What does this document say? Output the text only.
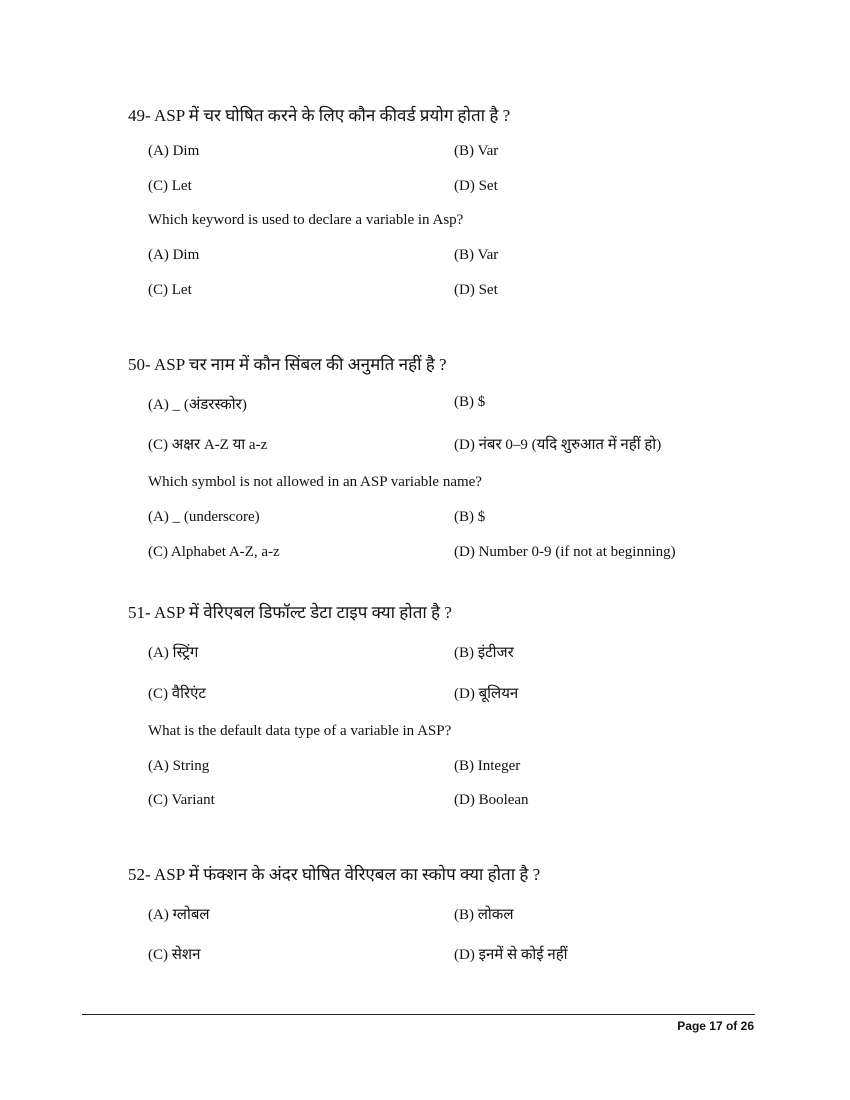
49- ASP में चर घोषित करने के लिए कौन कीवर्ड प्रयोग होता है ?
(A) Dim	(B) Var
(C) Let	(D) Set
Which keyword is used to declare a variable in Asp?
(A) Dim	(B) Var
(C) Let	(D) Set
50- ASP चर नाम में कौन सिंबल की अनुमति नहीं है ?
(A) _ (अंडरस्कोर)	(B) $
(C) अक्षर A-Z या a-z	(D) नंबर 0–9 (यदि शुरुआत में नहीं हो)
Which symbol is not allowed in an ASP variable name?
(A) _ (underscore)	(B) $
(C) Alphabet A-Z, a-z	(D) Number 0-9 (if not at beginning)
51- ASP में वेरिएबल डिफॉल्ट डेटा टाइप क्या होता है ?
(A) स्ट्रिंग	(B) इंटीजर
(C) वैरिएंट	(D) बूलियन
What is the default data type of a variable in ASP?
(A) String	(B) Integer
(C) Variant	(D) Boolean
52- ASP में फंक्शन के अंदर घोषित वेरिएबल का स्कोप क्या होता है ?
(A) ग्लोबल	(B) लोकल
(C) सेशन	(D) इनमें से कोई नहीं
Page 17 of 26
